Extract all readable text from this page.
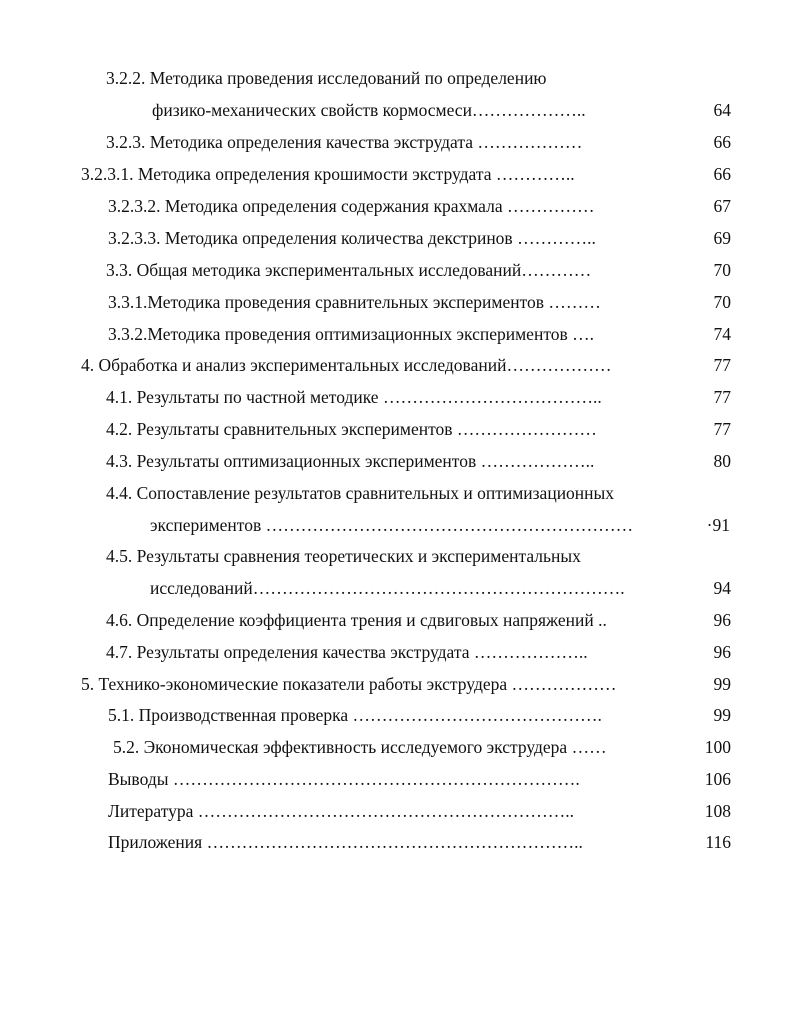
3.2.2. Методика проведения исследований по определению
физико-механических свойств кормосмеси………………..	64
3.2.3. Методика определения качества экструдата ………………	66
3.2.3.1. Методика определения крошимости экструдата …………..	66
3.2.3.2. Методика определения содержания крахмала ……………	67
3.2.3.3. Методика определения количества декстринов …………..	69
3.3. Общая методика экспериментальных исследований…………	70
3.3.1.Методика проведения сравнительных экспериментов ………	70
3.3.2.Методика проведения оптимизационных экспериментов ….	74
4. Обработка и анализ экспериментальных исследований………………	77
4.1. Результаты по частной методике ………………………………..	77
4.2. Результаты сравнительных экспериментов ……………………	77
4.3. Результаты оптимизационных экспериментов ………………..	80
4.4. Сопоставление результатов сравнительных и оптимизационных
экспериментов ………………………………………………………	·91
4.5. Результаты сравнения теоретических и экспериментальных
исследований……………………………………………………….	94
4.6. Определение коэффициента трения и сдвиговых напряжений ..	96
4.7. Результаты определения качества экструдата ………………..	96
5. Технико-экономические показатели работы экструдера ………………	99
5.1. Производственная проверка …………………………………….	99
5.2. Экономическая эффективность исследуемого экструдера ……	100
Выводы …………………………………………………………….	106
Литература ………………………………………………………..	108
Приложения ………………………………………………………..	116
